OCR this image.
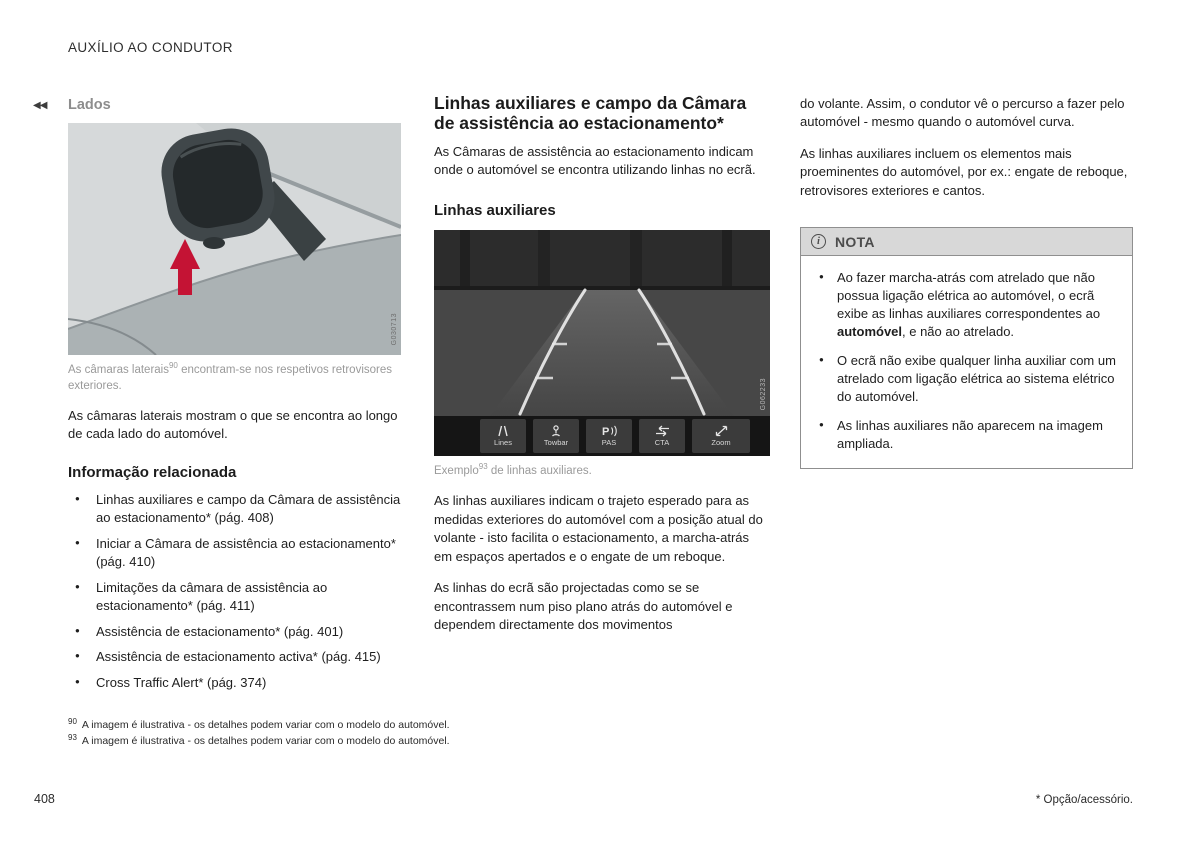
AUXÍLIO AO CONDUTOR
◀◀ Lados
G030713

As câmaras laterais$^{90}$ encontram-se nos respetivos retrovisores exteriores.

As câmaras laterais mostram o que se encontra ao longo de cada lado do automóvel.

Informação relacionada
● Linhas auxiliares e campo da Câmara de assistência ao estacionamento* (pág. 408)
● Iniciar a Câmara de assistência ao estacionamento* (pág. 410)
● Limitações da câmara de assistência ao estacionamento* (pág. 411)
● Assistência de estacionamento* (pág. 401)
● Assistência de estacionamento activa* (pág. 415)
● Cross Traffic Alert* (pág. 374)
$^{90}$ A imagem é ilustrativa - os detalhes podem variar com o modelo do automóvel.
$^{93}$ A imagem é ilustrativa - os detalhes podem variar com o modelo do automóvel.
Linhas auxiliares e campo da Câmara de assistência ao estacionamento*

As Câmaras de assistência ao estacionamento indicam onde o automóvel se encontra utilizando linhas no ecrã.

Linhas auxiliares
Lines	Towbar
P
PAS	CTA	Zoom
G062233

Exemplo$^{93}$ de linhas auxiliares.

As linhas auxiliares indicam o trajeto esperado para as medidas exteriores do automóvel com a posição atual do volante - isto facilita o estacionamento, a marcha-atrás em espaços apertados e o engate de um reboque.

As linhas do ecrã são projectadas como se se encontrassem num piso plano atrás do automóvel e dependem directamente dos movimentos

do volante. Assim, o condutor vê o percurso a fazer pelo automóvel - mesmo quando o automóvel curva.

As linhas auxiliares incluem os elementos mais proeminentes do automóvel, por ex.: engate de reboque, retrovisores exteriores e cantos.

i NOTA
● Ao fazer marcha-atrás com atrelado que não possua ligação elétrica ao automóvel, o ecrã exibe as linhas auxiliares correspondentes ao automóvel, e não ao atrelado.
● O ecrã não exibe qualquer linha auxiliar com um atrelado com ligação elétrica ao sistema elétrico do automóvel.
● As linhas auxiliares não aparecem na imagem ampliada.
408	* Opção/acessório.
